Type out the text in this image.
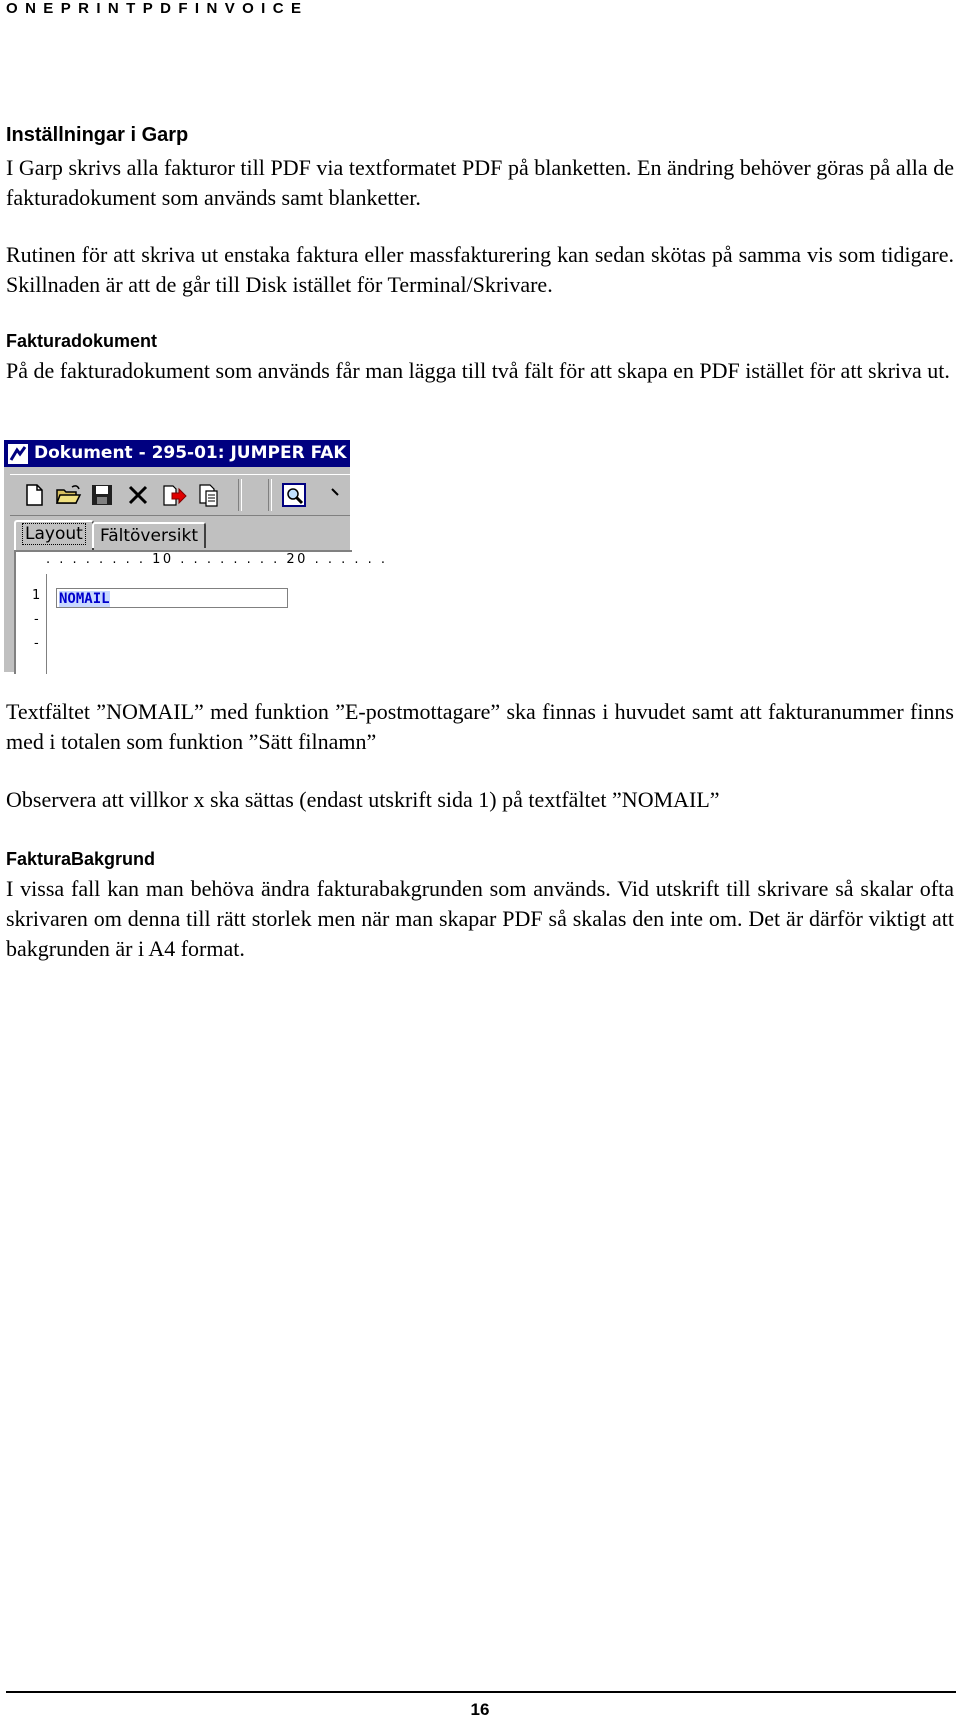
ONEPRINTPDFINVOICE
Inställningar i Garp

I Garp skrivs alla fakturor till PDF via textformatet PDF på blanketten. En ändring behöver göras på alla de fakturadokument som används samt blanketter.

Rutinen för att skriva ut enstaka faktura eller massfakturering kan sedan skötas på samma vis som tidigare. Skillnaden är att de går till Disk istället för Terminal/Skrivare.

Fakturadokument

På de fakturadokument som används får man lägga till två fält för att skapa en PDF istället för att skriva ut.

Dokument - 295-01: JUMPER FAK
Layout	Fältöversikt
. . . . . . . . 10 . . . . . . . . 20 . . . . . .
1
-
-
NOMAIL

Textfältet ”NOMAIL” med funktion ”E-postmottagare” ska finnas i huvudet samt att fakturanummer finns med i totalen som funktion ”Sätt filnamn”

Observera att villkor x ska sättas (endast utskrift sida 1) på textfältet ”NOMAIL”

FakturaBakgrund

I vissa fall kan man behöva ändra fakturabakgrunden som används. Vid utskrift till skrivare så skalar ofta skrivaren om denna till rätt storlek men när man skapar PDF så skalas den inte om. Det är därför viktigt att bakgrunden är i A4 format.

16
